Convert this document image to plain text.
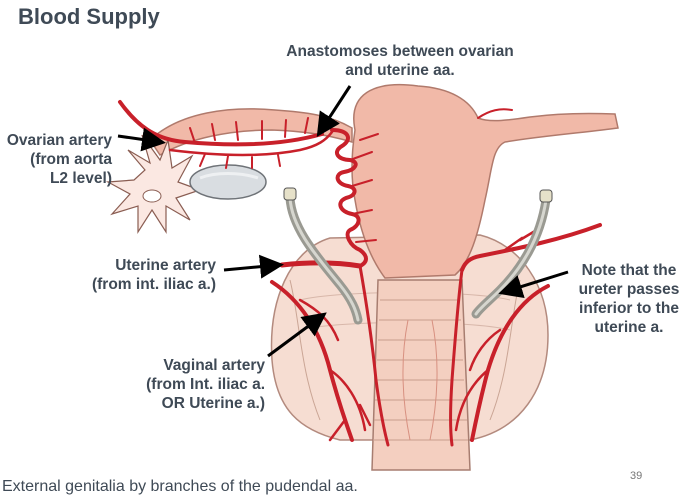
Blood Supply
Anastomoses between ovarian
and uterine aa.
Ovarian artery
(from aorta
L2 level)
Uterine artery
(from int. iliac a.)
Vaginal artery
(from Int. iliac a.
OR Uterine a.)
Note that the
ureter passes
inferior to the
uterine a.
External genitalia by branches of the pudendal aa.
39
